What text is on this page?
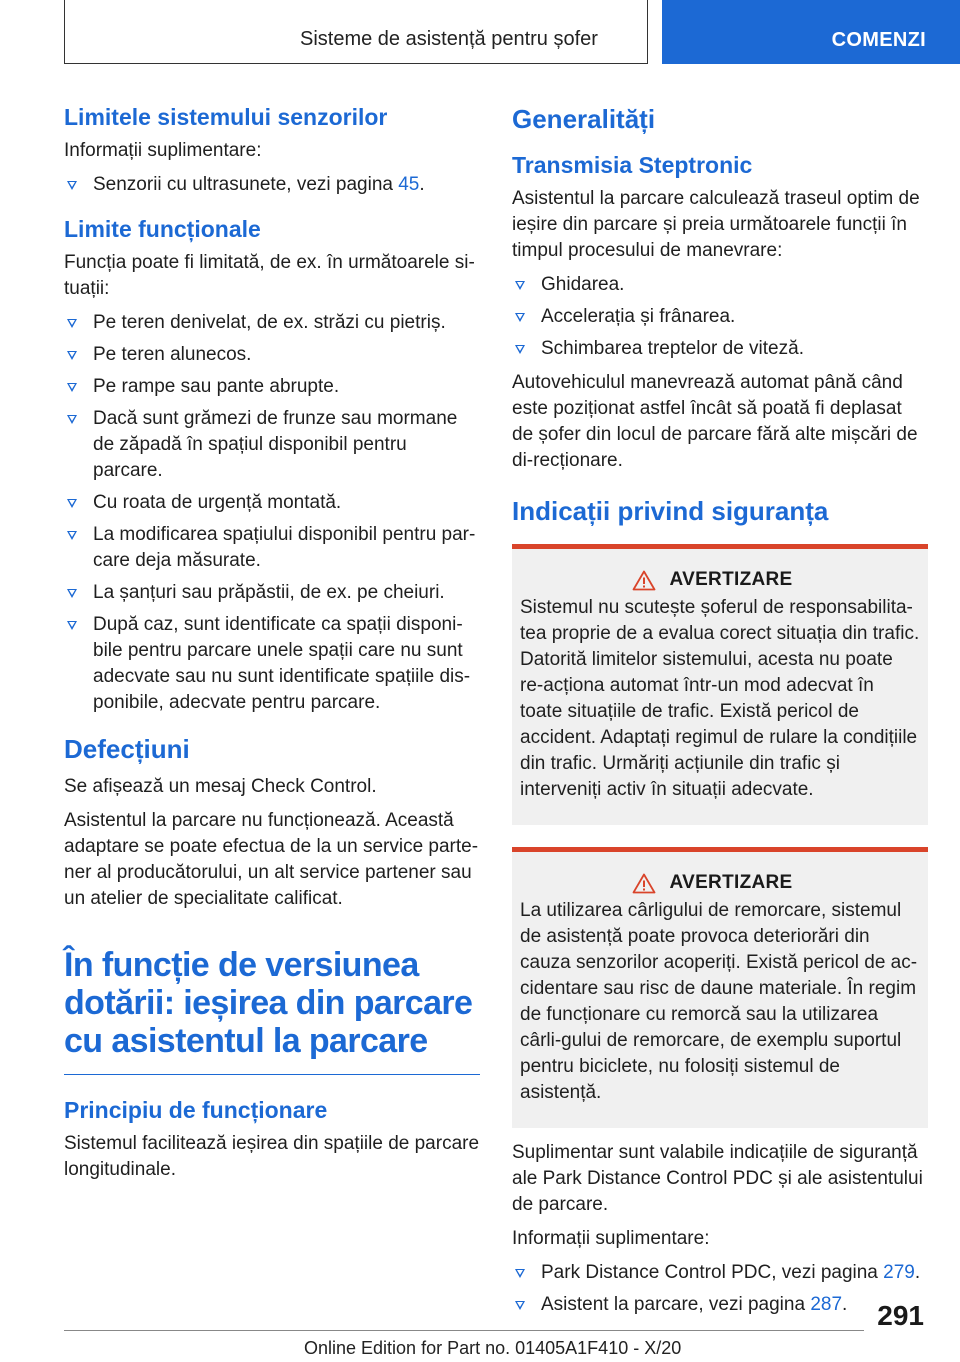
Sisteme de asistență pentru șofer	COMENZI
Limitele sistemului senzorilor

Informații suplimentare:

Senzorii cu ultrasunete, vezi pagina 45.
Limite funcționale

Funcția poate fi limitată, de ex. în următoarele si‐tuații:

Pe teren denivelat, de ex. străzi cu pietriș.
Pe teren alunecos.
Pe rampe sau pante abrupte.
Dacă sunt grămezi de frunze sau mormane de zăpadă în spațiul disponibil pentru parcare.
Cu roata de urgență montată.
La modificarea spațiului disponibil pentru par‐care deja măsurate.
La șanțuri sau prăpăstii, de ex. pe cheiuri.
După caz, sunt identificate ca spații disponi‐bile pentru parcare unele spații care nu sunt adecvate sau nu sunt identificate spațiile dis‐ponibile, adecvate pentru parcare.
Defecțiuni

Se afișează un mesaj Check Control.

Asistentul la parcare nu funcționează. Această adaptare se poate efectua de la un service parte‐ner al producătorului, un alt service partener sau un atelier de specialitate calificat.

În funcție de versiunea dotării: ieșirea din parcare cu asistentul la parcare
Principiu de funcționare

Sistemul facilitează ieșirea din spațiile de parcare longitudinale.

Generalități
Transmisia Steptronic

Asistentul la parcare calculează traseul optim de ieșire din parcare și preia următoarele funcții în timpul procesului de manevrare:

Ghidarea.
Accelerația și frânarea.
Schimbarea treptelor de viteză.

Autovehiculul manevrează automat până când este poziționat astfel încât să poată fi deplasat de șofer din locul de parcare fără alte mișcări de di‐recționare.

Indicații privind siguranța
AVERTIZARE

Sistemul nu scutește șoferul de responsabilita‐tea proprie de a evalua corect situația din trafic. Datorită limitelor sistemului, acesta nu poate re‐acționa automat într-un mod adecvat în toate situațiile de trafic. Există pericol de accident. Adaptați regimul de rulare la condițiile din trafic. Urmăriți acțiunile din trafic și interveniți activ în situații adecvate.

AVERTIZARE

La utilizarea cârligului de remorcare, sistemul de asistență poate provoca deteriorări din cauza senzorilor acoperiți. Există pericol de ac‐cidentare sau risc de daune materiale. În regim de funcționare cu remorcă sau la utilizarea cârli‐gului de remorcare, de exemplu suportul pentru biciclete, nu folosiți sistemul de asistență.

Suplimentar sunt valabile indicațiile de siguranță ale Park Distance Control PDC și ale asistentului de parcare.

Informații suplimentare:

Park Distance Control PDC, vezi pagina 279.
Asistent la parcare, vezi pagina 287.	291
Online Edition for Part no. 01405A1F410 - X/20
